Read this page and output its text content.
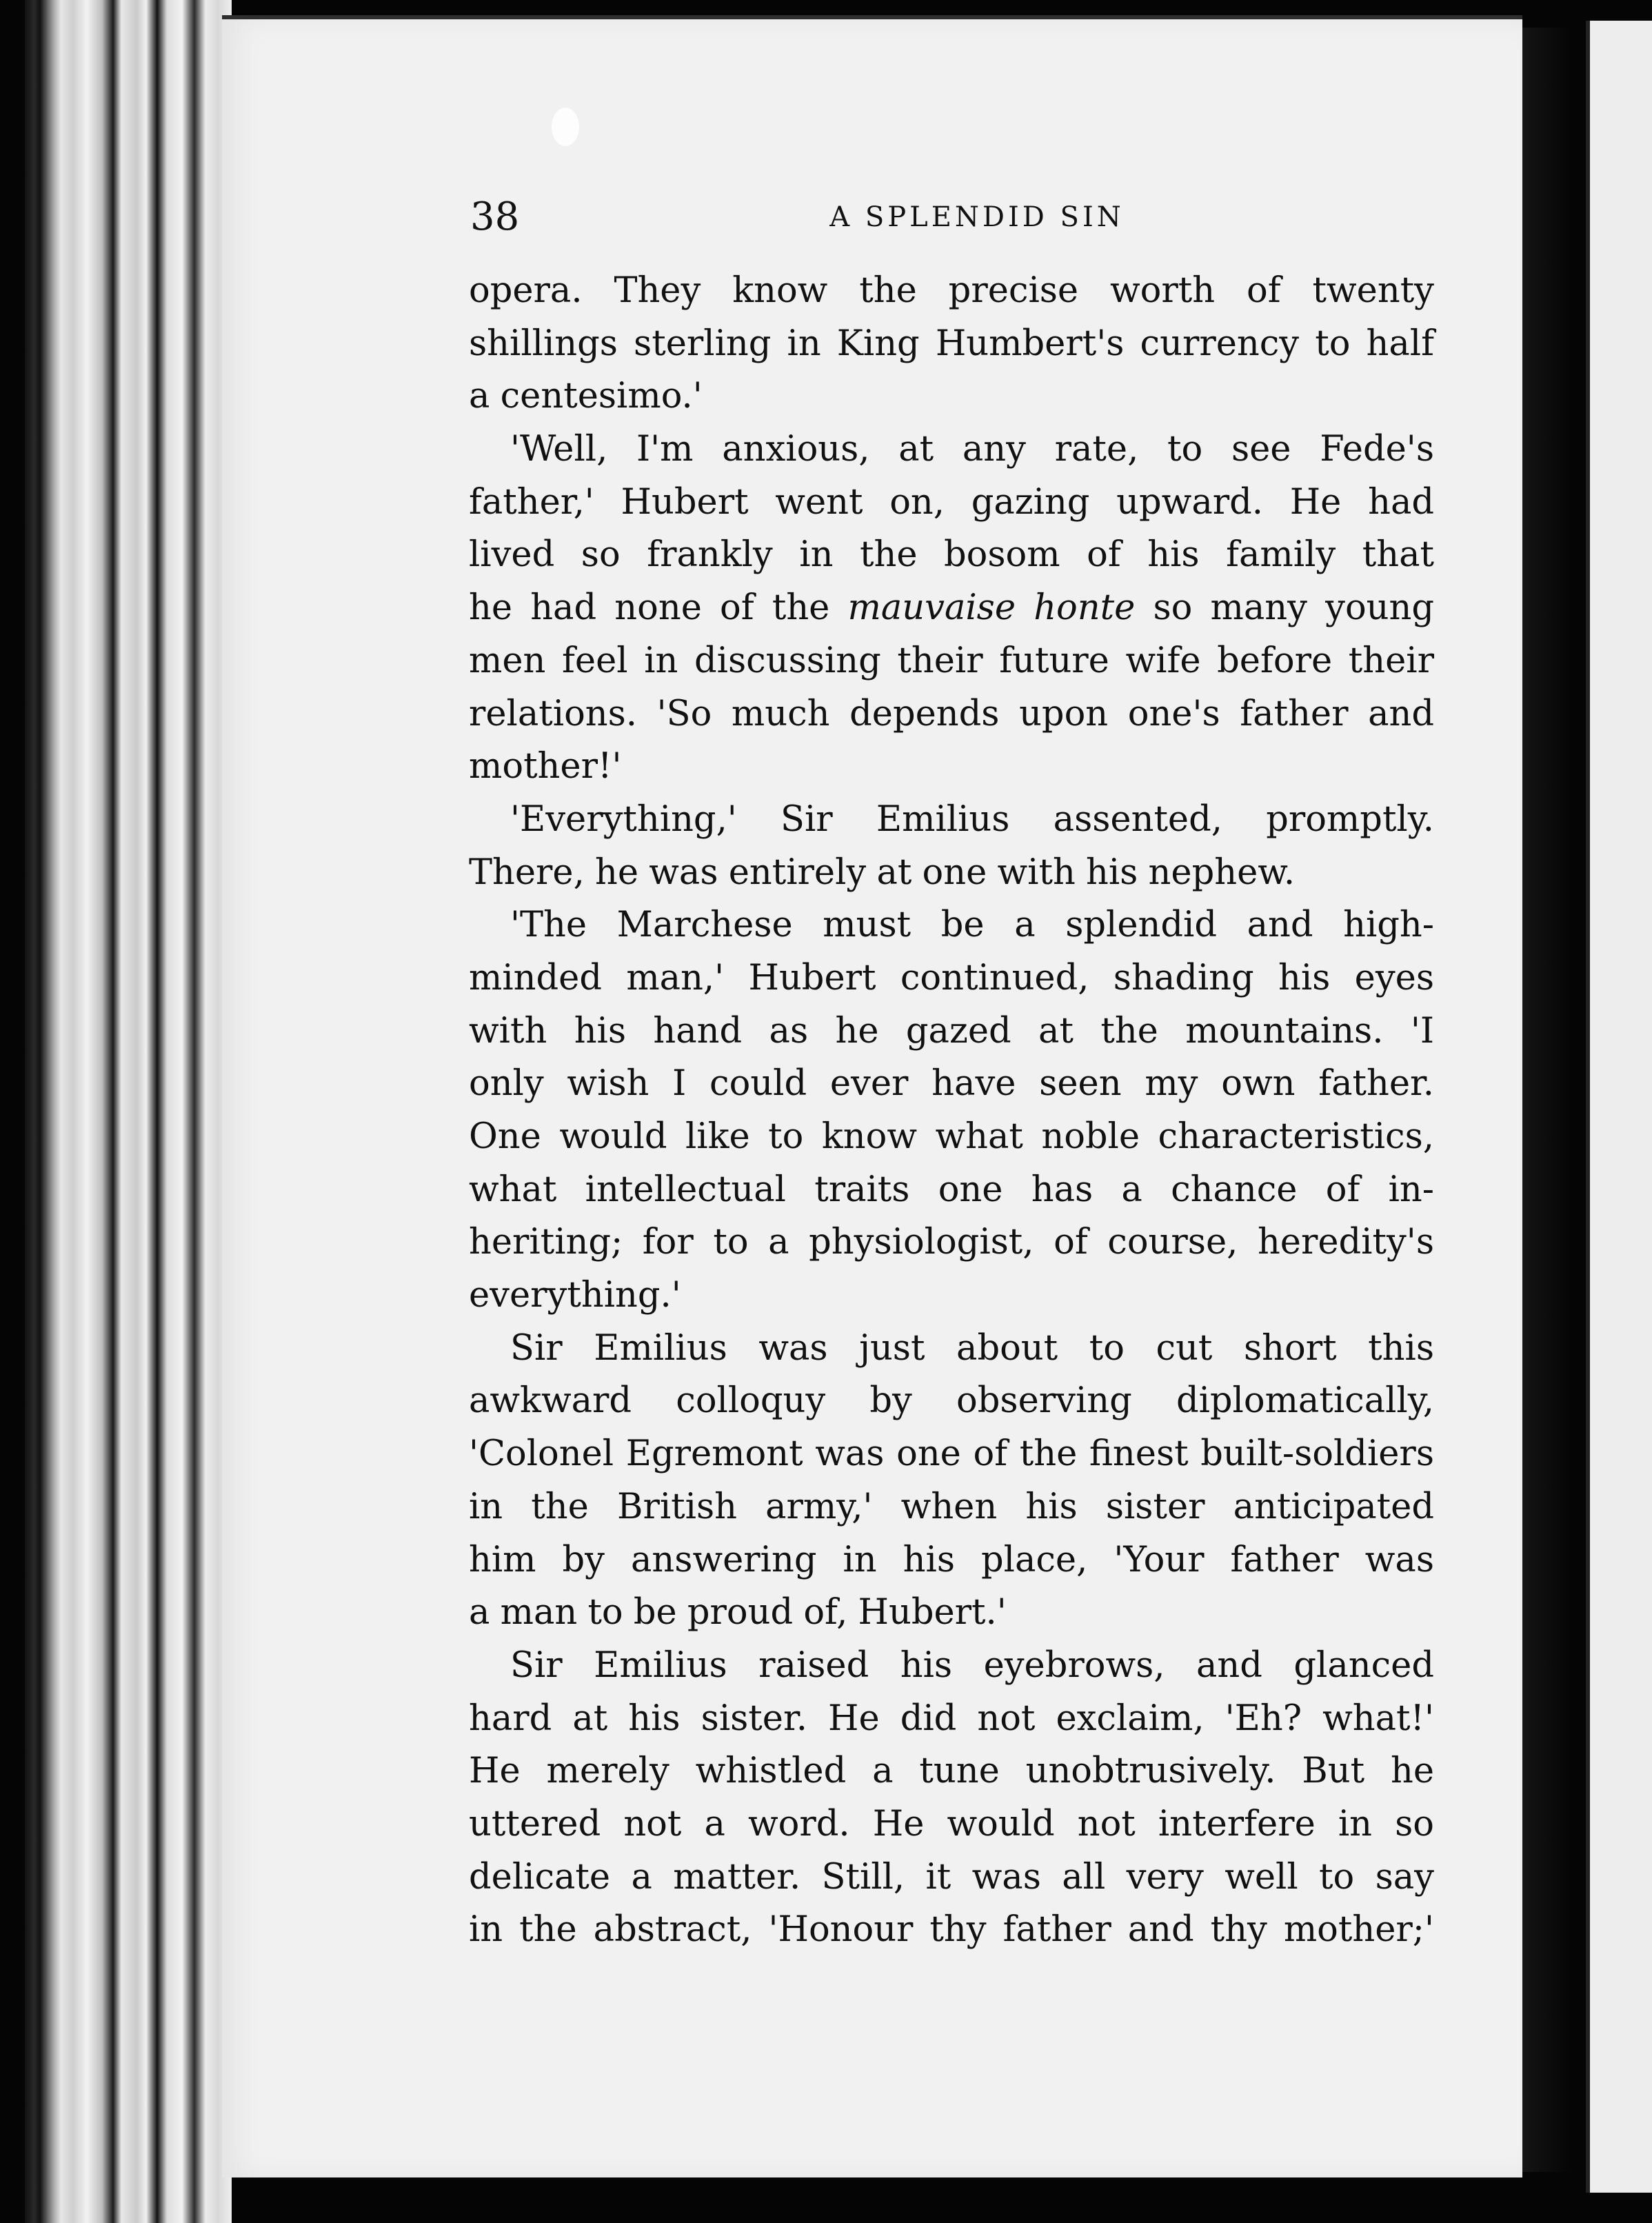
38	A SPLENDID SIN
opera. They know the precise worth of twenty
shillings sterling in King Humbert's currency to half
a centesimo.'
'Well, I'm anxious, at any rate, to see Fede's
father,' Hubert went on, gazing upward. He had
lived so frankly in the bosom of his family that
he had none of the mauvaise honte so many young
men feel in discussing their future wife before their
relations. 'So much depends upon one's father and
mother!'
'Everything,' Sir Emilius assented, promptly.
There, he was entirely at one with his nephew.
'The Marchese must be a splendid and high-
minded man,' Hubert continued, shading his eyes
with his hand as he gazed at the mountains. 'I
only wish I could ever have seen my own father.
One would like to know what noble characteristics,
what intellectual traits one has a chance of in-
heriting; for to a physiologist, of course, heredity's
everything.'
Sir Emilius was just about to cut short this
awkward colloquy by observing diplomatically,
'Colonel Egremont was one of the finest built-soldiers
in the British army,' when his sister anticipated
him by answering in his place, 'Your father was
a man to be proud of, Hubert.'
Sir Emilius raised his eyebrows, and glanced
hard at his sister. He did not exclaim, 'Eh? what!'
He merely whistled a tune unobtrusively. But he
uttered not a word. He would not interfere in so
delicate a matter. Still, it was all very well to say
in the abstract, 'Honour thy father and thy mother;'
